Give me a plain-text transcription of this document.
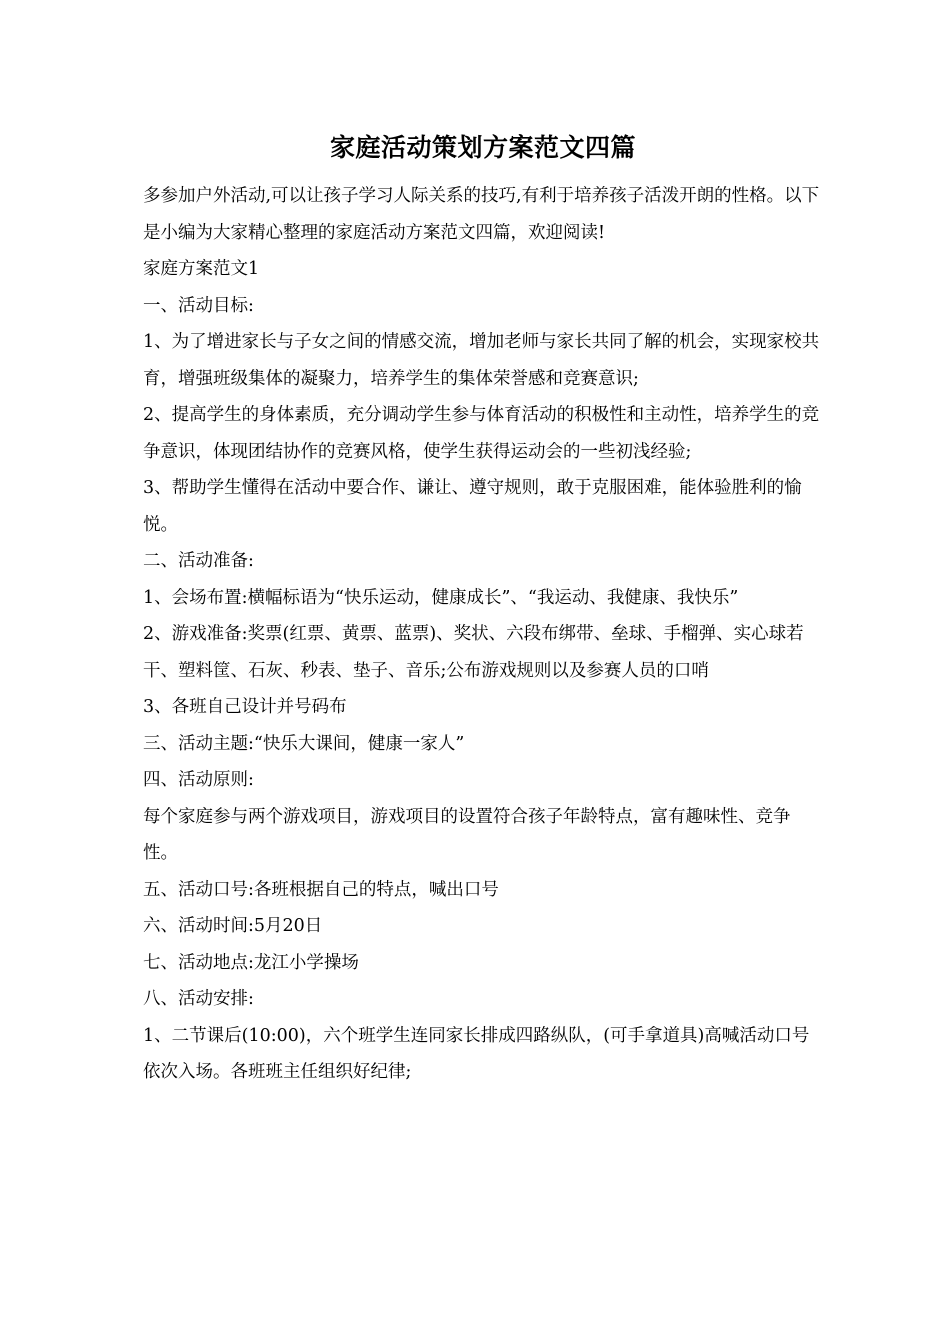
家庭活动策划方案范文四篇

多参加户外活动,可以让孩子学习人际关系的技巧,有利于培养孩子活泼开朗的性格。以下是小编为大家精心整理的家庭活动方案范文四篇，欢迎阅读!

家庭方案范文1

一、活动目标:

1、为了增进家长与子女之间的情感交流，增加老师与家长共同了解的机会，实现家校共育，增强班级集体的凝聚力，培养学生的集体荣誉感和竞赛意识;

2、提高学生的身体素质，充分调动学生参与体育活动的积极性和主动性，培养学生的竞争意识，体现团结协作的竞赛风格，使学生获得运动会的一些初浅经验;

3、帮助学生懂得在活动中要合作、谦让、遵守规则，敢于克服困难，能体验胜利的愉悦。

二、活动准备:

1、会场布置:横幅标语为“快乐运动，健康成长”、“我运动、我健康、我快乐”

2、游戏准备:奖票(红票、黄票、蓝票)、奖状、六段布绑带、垒球、手榴弹、实心球若干、塑料筐、石灰、秒表、垫子、音乐;公布游戏规则以及参赛人员的口哨

3、各班自己设计并号码布

三、活动主题:“快乐大课间，健康一家人”

四、活动原则:

每个家庭参与两个游戏项目，游戏项目的设置符合孩子年龄特点，富有趣味性、竞争性。

五、活动口号:各班根据自己的特点，喊出口号

六、活动时间:5月20日

七、活动地点:龙江小学操场

八、活动安排:

1、二节课后(10:00)，六个班学生连同家长排成四路纵队，(可手拿道具)高喊活动口号依次入场。各班班主任组织好纪律;
